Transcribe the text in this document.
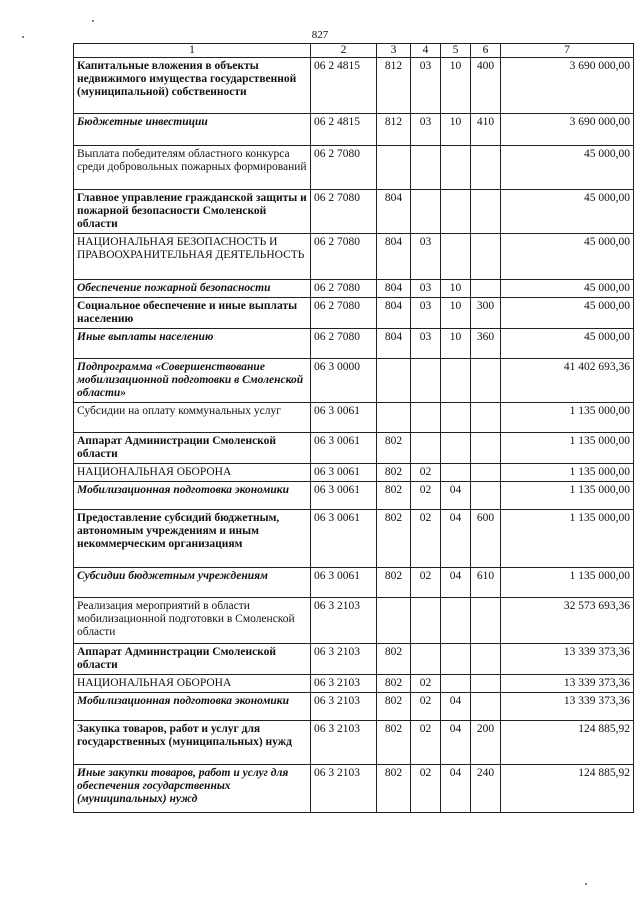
827
1	2	3	4	5	6	7
Капитальные вложения в объекты недвижимого имущества государственной (муниципальной) собственности	06 2 4815	812	03	10	400	3 690 000,00
Бюджетные инвестиции	06 2 4815	812	03	10	410	3 690 000,00
Выплата победителям областного конкурса среди добровольных пожарных формирований	06 2 7080					45 000,00
Главное управление гражданской защиты и пожарной безопасности Смоленской области	06 2 7080	804				45 000,00
НАЦИОНАЛЬНАЯ БЕЗОПАСНОСТЬ И ПРАВООХРАНИТЕЛЬНАЯ ДЕЯТЕЛЬНОСТЬ	06 2 7080	804	03			45 000,00
Обеспечение пожарной безопасности	06 2 7080	804	03	10		45 000,00
Социальное обеспечение и иные выплаты населению	06 2 7080	804	03	10	300	45 000,00
Иные выплаты населению	06 2 7080	804	03	10	360	45 000,00
Подпрограмма «Совершенствование мобилизационной подготовки в Смоленской области»	06 3 0000					41 402 693,36
Субсидии на оплату коммунальных услуг	06 3 0061					1 135 000,00
Аппарат Администрации Смоленской области	06 3 0061	802				1 135 000,00
НАЦИОНАЛЬНАЯ ОБОРОНА	06 3 0061	802	02			1 135 000,00
Мобилизационная подготовка экономики	06 3 0061	802	02	04		1 135 000,00
Предоставление субсидий бюджетным, автономным учреждениям и иным некоммерческим организациям	06 3 0061	802	02	04	600	1 135 000,00
Субсидии бюджетным учреждениям	06 3 0061	802	02	04	610	1 135 000,00
Реализация мероприятий в области мобилизационной подготовки в Смоленской области	06 3 2103					32 573 693,36
Аппарат Администрации Смоленской области	06 3 2103	802				13 339 373,36
НАЦИОНАЛЬНАЯ ОБОРОНА	06 3 2103	802	02			13 339 373,36
Мобилизационная подготовка экономики	06 3 2103	802	02	04		13 339 373,36
Закупка товаров, работ и услуг для государственных (муниципальных) нужд	06 3 2103	802	02	04	200	124 885,92
Иные закупки товаров, работ и услуг для обеспечения государственных (муниципальных) нужд	06 3 2103	802	02	04	240	124 885,92
